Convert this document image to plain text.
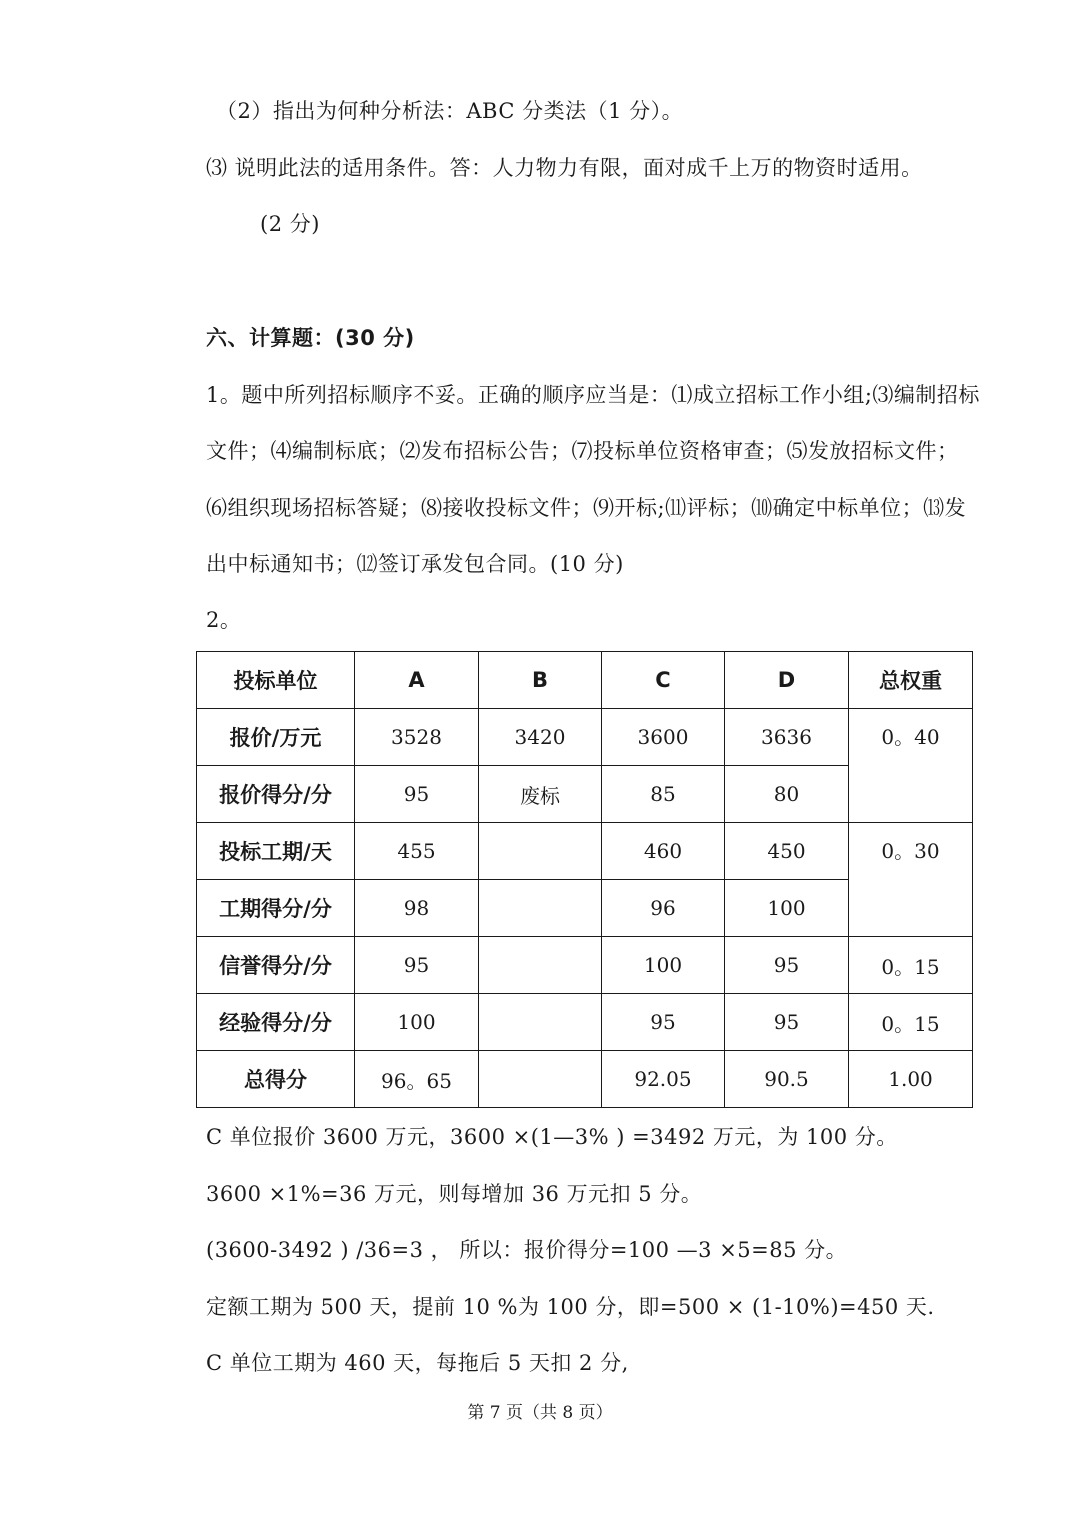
（2）指出为何种分析法：ABC 分类法（1 分）。
⑶ 说明此法的适用条件。答：人力物力有限，面对成千上万的物资时适用。
(2 分)
六、计算题：(30 分)
1。题中所列招标顺序不妥。正确的顺序应当是：⑴成立招标工作小组;⑶编制招标
文件；⑷编制标底；⑵发布招标公告；⑺投标单位资格审查；⑸发放招标文件；
⑹组织现场招标答疑；⑻接收投标文件；⑼开标;⑾评标；⑽确定中标单位；⒀发
出中标通知书；⑿签订承发包合同。(10 分)
2。
投标单位	A	B	C	D	总权重
报价/万元	3528	3420	3600	3636	0。40
报价得分/分	95	废标	85	80	
投标工期/天	455		460	450	0。30
工期得分/分	98		96	100	
信誉得分/分	95		100	95	0。15
经验得分/分	100		95	95	0。15
总得分	96。65		92.05	90.5	1.00
C 单位报价 3600 万元，3600 ×(1—3% ) =3492 万元，为 100 分。
3600 ×1%=36 万元，则每增加 36 万元扣 5 分。
(3600-3492 ) /36=3 ， 所以：报价得分=100 —3 ×5=85 分。
定额工期为 500 天，提前 10 %为 100 分，即=500 × (1-10%)=450 天.
C 单位工期为 460 天，每拖后 5 天扣 2 分,
第 7 页（共 8 页）
